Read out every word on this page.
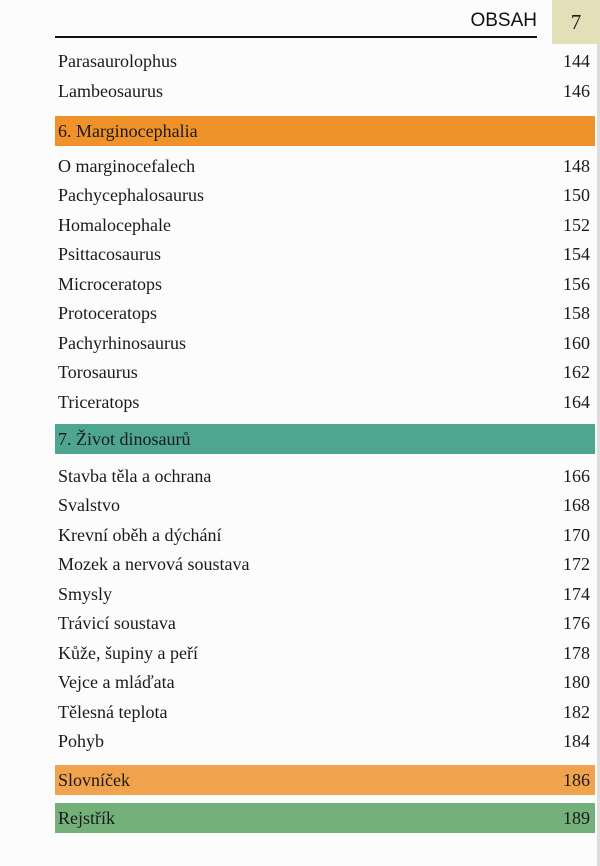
OBSAH	7
Parasaurolophus	144
Lambeosaurus	146
6. Marginocephalia
O marginocefalech	148
Pachycephalosaurus	150
Homalocephale	152
Psittacosaurus	154
Microceratops	156
Protoceratops	158
Pachyrhinosaurus	160
Torosaurus	162
Triceratops	164
7. Život dinosaurů
Stavba těla a ochrana	166
Svalstvo	168
Krevní oběh a dýchání	170
Mozek a nervová soustava	172
Smysly	174
Trávicí soustava	176
Kůže, šupiny a peří	178
Vejce a mláďata	180
Tělesná teplota	182
Pohyb	184
Slovníček	186
Rejstřík	189
